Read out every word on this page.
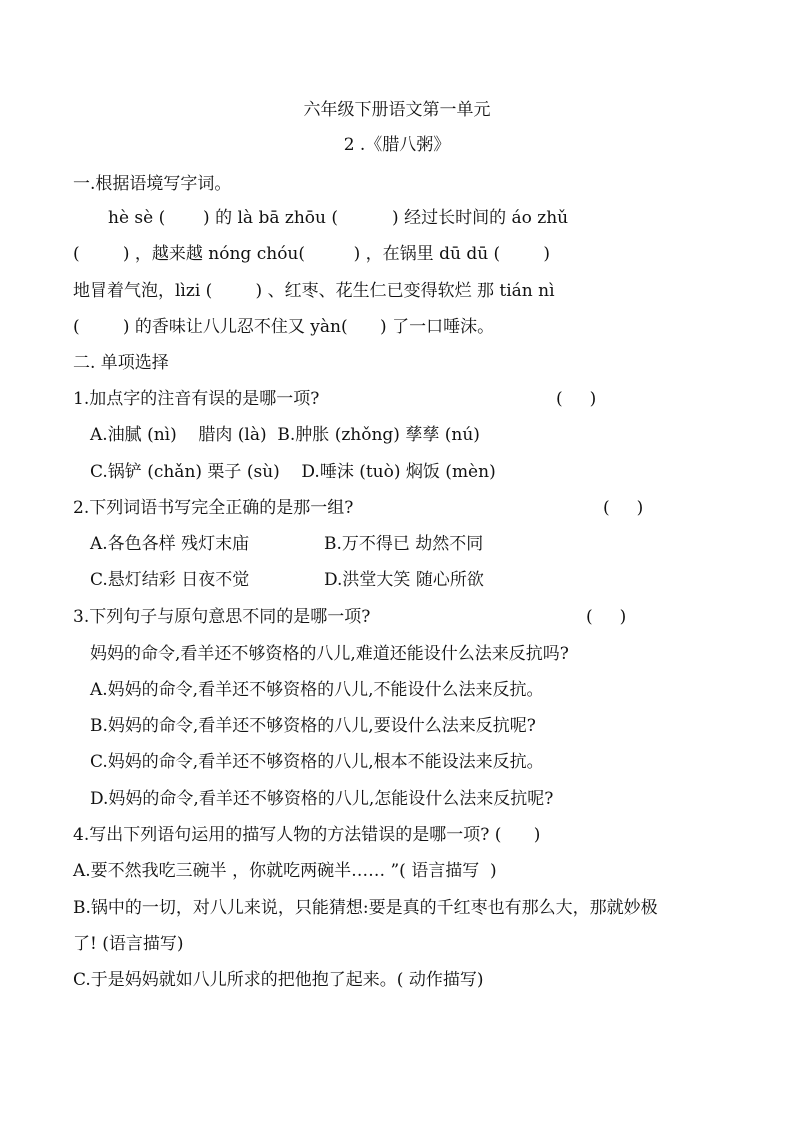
六年级下册语文第一单元
2 .《腊八粥》
一.根据语境写字词。
hè sè (       ) 的 là bā zhōu (          ) 经过长时间的 áo zhǔ
(        ) ，越来越 nóng chóu(         ) ，在锅里 dū dū (        )
地冒着气泡，lìzi (        ) 、红枣、花生仁已变得软烂 那 tián nì
(        ) 的香味让八儿忍不住又 yàn(      ) 了一口唾沫。
二. 单项选择
1.加点字的注音有误的是哪一项?	(     )
A.油腻 (nì)    腊肉 (là)  B.肿胀 (zhǒng) 孳孳 (nú)
C.锅铲 (chǎn) 栗子 (sù)    D.唾沫 (tuò) 焖饭 (mèn)
2.下列词语书写完全正确的是那一组?	(     )
A.各色各样 残灯末庙	B.万不得已 劫然不同
C.悬灯结彩 日夜不觉	D.洪堂大笑 随心所欲
3.下列句子与原句意思不同的是哪一项?	(     )
妈妈的命令,看羊还不够资格的八儿,难道还能设什么法来反抗吗?
A.妈妈的命令,看羊还不够资格的八儿,不能设什么法来反抗。
B.妈妈的命令,看羊还不够资格的八儿,要设什么法来反抗呢?
C.妈妈的命令,看羊还不够资格的八儿,根本不能设法来反抗。
D.妈妈的命令,看羊还不够资格的八儿,怎能设什么法来反抗呢?
4.写出下列语句运用的描写人物的方法错误的是哪一项? (      )
A.要不然我吃三碗半 ，你就吃两碗半…… ”( 语言描写  )
B.锅中的一切，对八儿来说，只能猜想:要是真的千红枣也有那么大，那就妙极
了! (语言描写)
C.于是妈妈就如八儿所求的把他抱了起来。( 动作描写)
